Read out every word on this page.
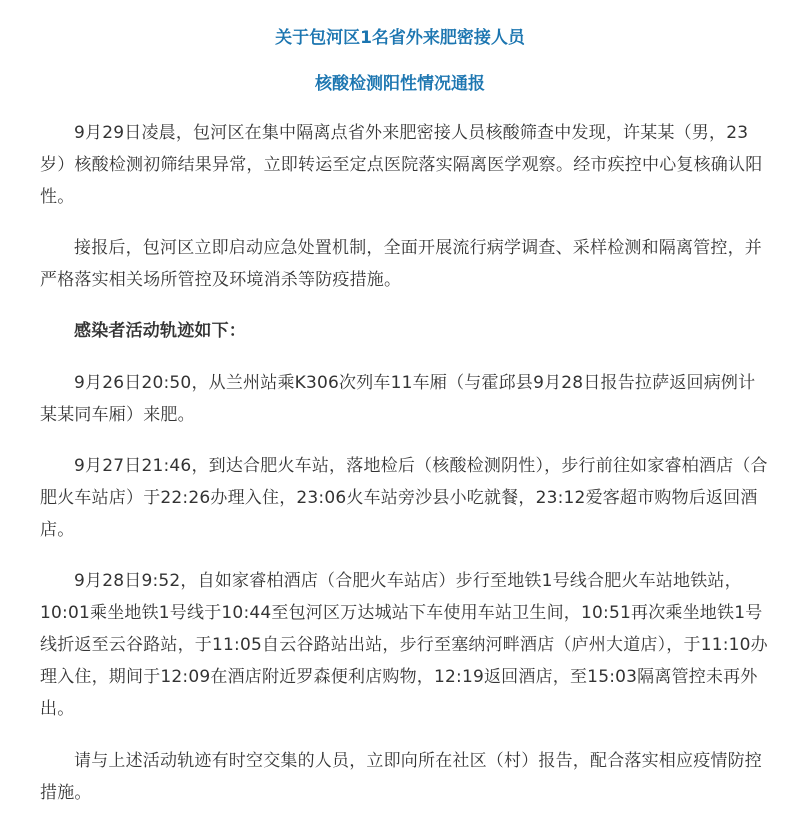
关于包河区1名省外来肥密接人员
核酸检测阳性情况通报

9月29日凌晨，包河区在集中隔离点省外来肥密接人员核酸筛查中发现，许某某（男，23岁）核酸检测初筛结果异常，立即转运至定点医院落实隔离医学观察。经市疾控中心复核确认阳性。

接报后，包河区立即启动应急处置机制，全面开展流行病学调查、采样检测和隔离管控，并严格落实相关场所管控及环境消杀等防疫措施。

感染者活动轨迹如下：

9月26日20:50，从兰州站乘K306次列车11车厢（与霍邱县9月28日报告拉萨返回病例计某某同车厢）来肥。

9月27日21:46，到达合肥火车站，落地检后（核酸检测阴性），步行前往如家睿柏酒店（合肥火车站店）于22:26办理入住，23:06火车站旁沙县小吃就餐，23:12爱客超市购物后返回酒店。

9月28日9:52，自如家睿柏酒店（合肥火车站店）步行至地铁1号线合肥火车站地铁站，10:01乘坐地铁1号线于10:44至包河区万达城站下车使用车站卫生间，10:51再次乘坐地铁1号线折返至云谷路站，于11:05自云谷路站出站，步行至塞纳河畔酒店（庐州大道店），于11:10办理入住，期间于12:09在酒店附近罗森便利店购物，12:19返回酒店，至15:03隔离管控未再外出。

请与上述活动轨迹有时空交集的人员，立即向所在社区（村）报告，配合落实相应疫情防控措施。
